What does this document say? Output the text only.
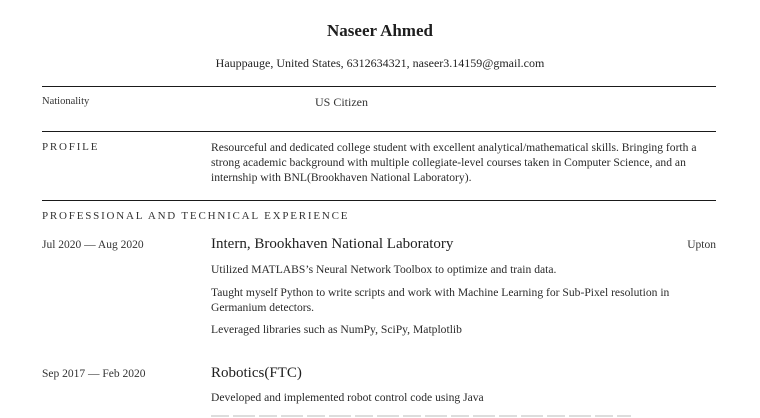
Naseer Ahmed
Hauppauge, United States, 6312634321, naseer3.14159@gmail.com
Nationality	US Citizen
PROFILE	Resourceful and dedicated college student with excellent analytical/mathematical skills. Bringing forth a strong academic background with multiple collegiate-level courses taken in Computer Science, and an internship with BNL(Brookhaven National Laboratory).
PROFESSIONAL AND TECHNICAL EXPERIENCE
Jul 2020 — Aug 2020	Intern, Brookhaven National Laboratory	Upton
Utilized MATLABS’s Neural Network Toolbox to optimize and train data.
Taught myself Python to write scripts and work with Machine Learning for Sub-Pixel resolution in Germanium detectors.
Leveraged libraries such as NumPy, SciPy, Matplotlib
Sep 2017 — Feb 2020	Robotics(FTC)
Developed and implemented robot control code using Java
